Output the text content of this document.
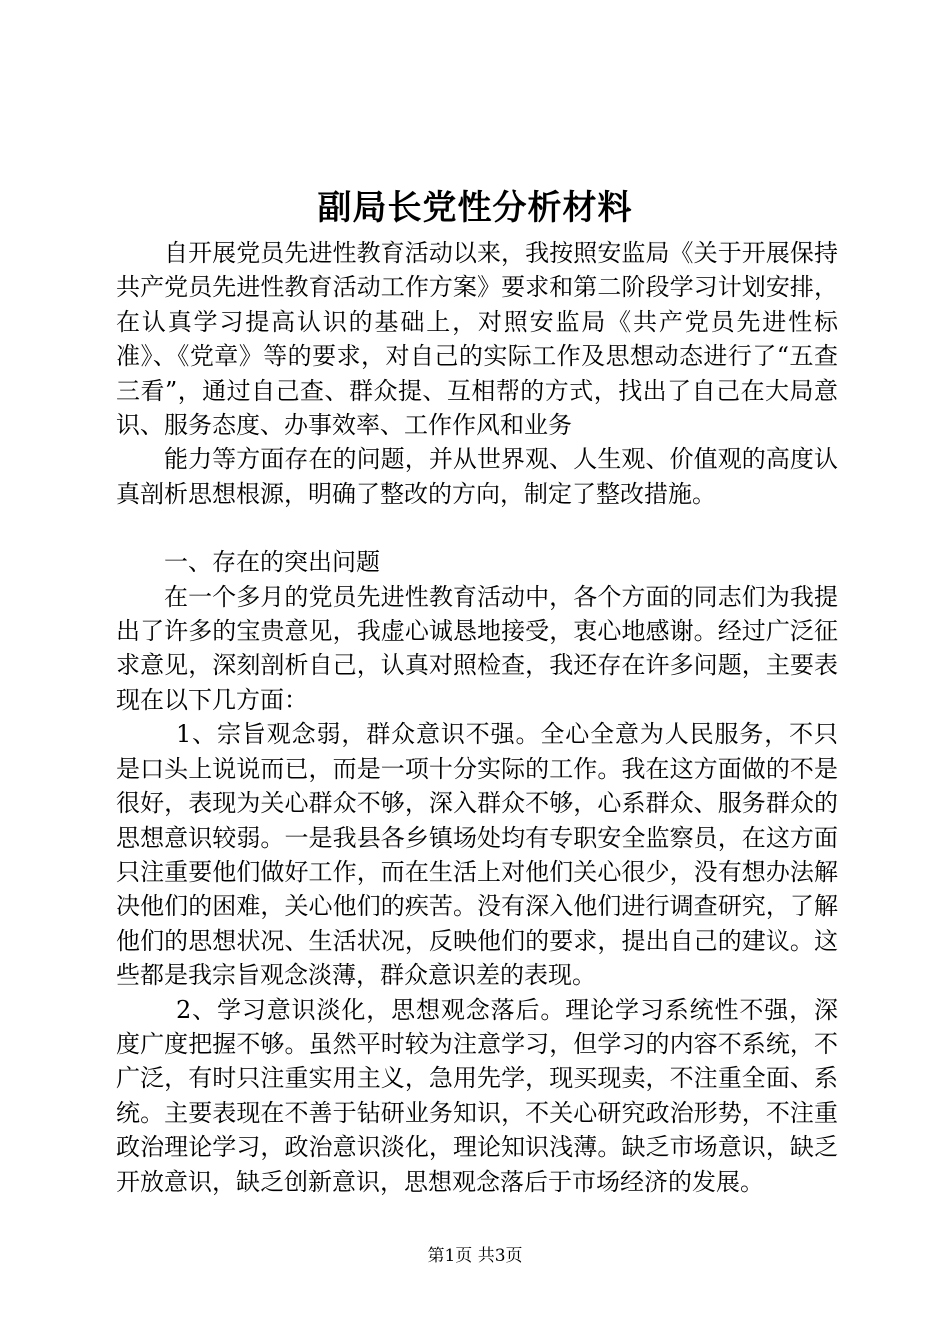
副局长党性分析材料

自开展党员先进性教育活动以来，我按照安监局《关于开展保持共产党员先进性教育活动工作方案》要求和第二阶段学习计划安排，在认真学习提高认识的基础上，对照安监局《共产党员先进性标准》、《党章》等的要求，对自己的实际工作及思想动态进行了“五查三看”，通过自己查、群众提、互相帮的方式，找出了自己在大局意识、服务态度、办事效率、工作作风和业务

能力等方面存在的问题，并从世界观、人生观、价值观的高度认真剖析思想根源，明确了整改的方向，制定了整改措施。

一、存在的突出问题

在一个多月的党员先进性教育活动中，各个方面的同志们为我提出了许多的宝贵意见，我虚心诚恳地接受，衷心地感谢。经过广泛征求意见，深刻剖析自己，认真对照检查，我还存在许多问题，主要表现在以下几方面：

1、宗旨观念弱，群众意识不强。全心全意为人民服务，不只是口头上说说而已，而是一项十分实际的工作。我在这方面做的不是很好，表现为关心群众不够，深入群众不够，心系群众、服务群众的思想意识较弱。一是我县各乡镇场处均有专职安全监察员，在这方面只注重要他们做好工作，而在生活上对他们关心很少，没有想办法解决他们的困难，关心他们的疾苦。没有深入他们进行调查研究，了解他们的思想状况、生活状况，反映他们的要求，提出自己的建议。这些都是我宗旨观念淡薄，群众意识差的表现。

2、学习意识淡化，思想观念落后。理论学习系统性不强，深度广度把握不够。虽然平时较为注意学习，但学习的内容不系统，不广泛，有时只注重实用主义，急用先学，现买现卖，不注重全面、系统。主要表现在不善于钻研业务知识，不关心研究政治形势，不注重政治理论学习，政治意识淡化，理论知识浅薄。缺乏市场意识，缺乏开放意识，缺乏创新意识，思想观念落后于市场经济的发展。

第1页 共3页
